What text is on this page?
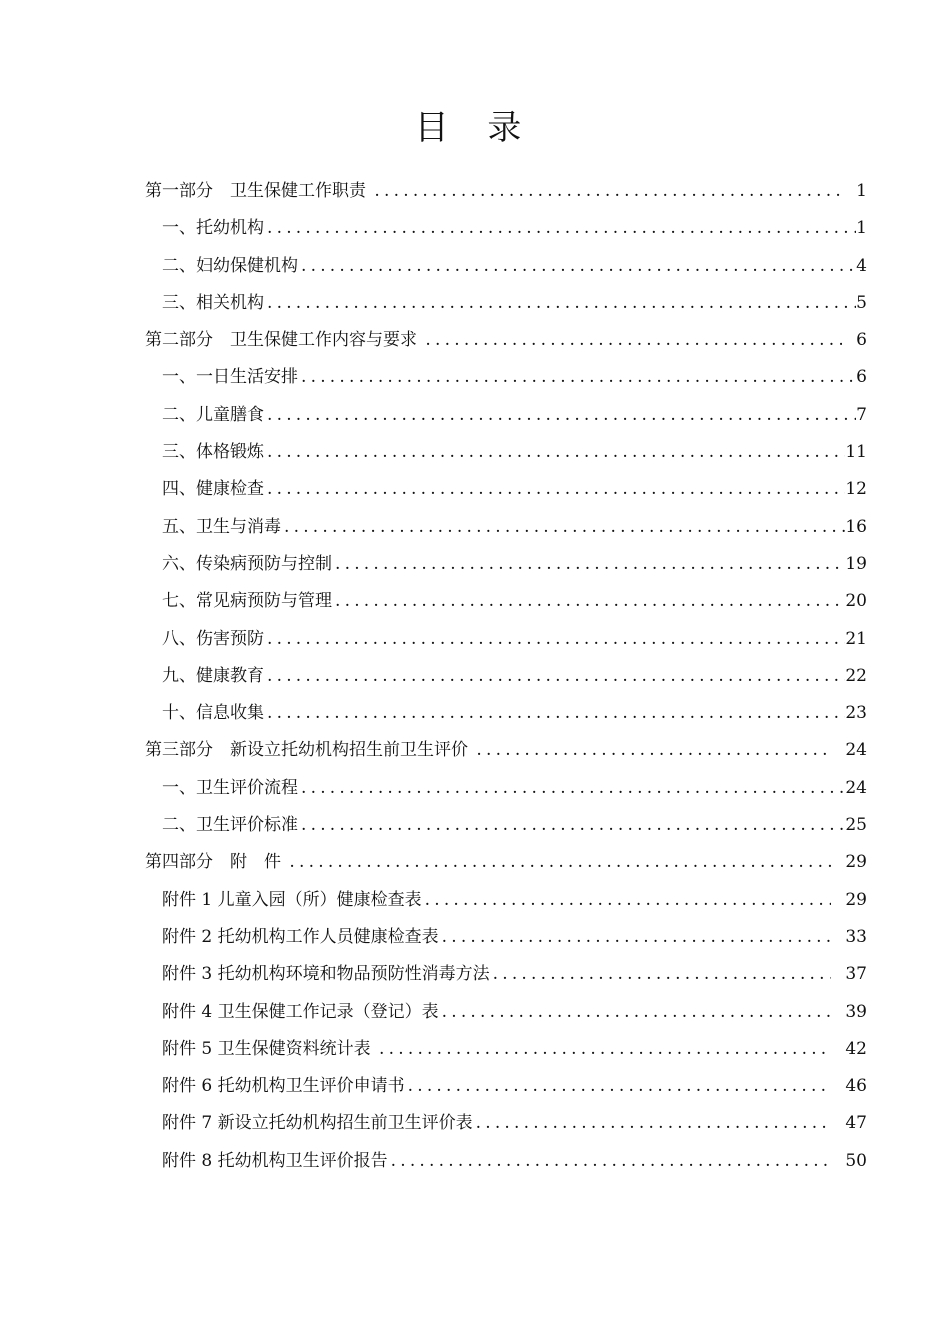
目 录
第一部分　卫生保健工作职责 .....	1
一、托幼机构 .....	1
二、妇幼保健机构 .....	4
三、相关机构 .....	5
第二部分　卫生保健工作内容与要求 .....	6
一、一日生活安排 .....	6
二、儿童膳食 .....	7
三、体格锻炼 .....	11
四、健康检查 .....	12
五、卫生与消毒 .....	16
六、传染病预防与控制 .....	19
七、常见病预防与管理 .....	20
八、伤害预防 .....	21
九、健康教育 .....	22
十、信息收集 .....	23
第三部分　新设立托幼机构招生前卫生评价 .....	24
一、卫生评价流程 .....	24
二、卫生评价标准 .....	25
第四部分　附　件 .....	29
附件 1 儿童入园（所）健康检查表 .....	29
附件 2 托幼机构工作人员健康检查表 .....	33
附件 3 托幼机构环境和物品预防性消毒方法 .....	37
附件 4 卫生保健工作记录（登记）表 .....	39
附件 5 卫生保健资料统计表 .....	42
附件 6 托幼机构卫生评价申请书 .....	46
附件 7 新设立托幼机构招生前卫生评价表 .....	47
附件 8 托幼机构卫生评价报告 .....	50
